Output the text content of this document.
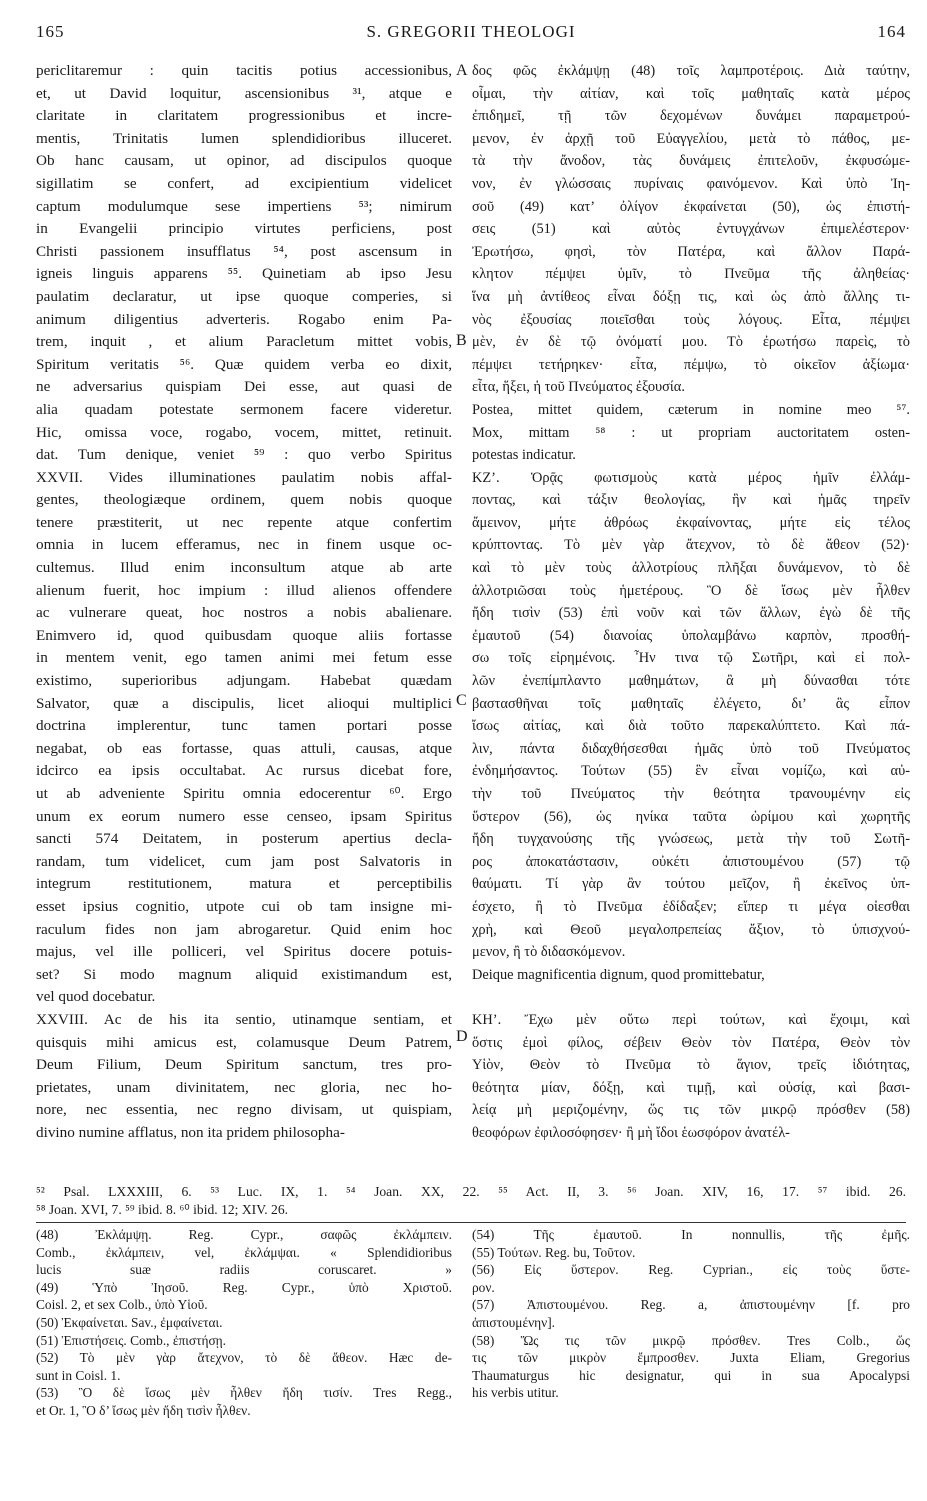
165	S. GREGORII THEOLOGI	164
periclitaremur : quin tacitis potius accessionibus,
et, ut David loquitur, ascensionibus ³¹, atque e
claritate in claritatem progressionibus et incre-
mentis, Trinitatis lumen splendidioribus illuceret.
Ob hanc causam, ut opinor, ad discipulos quoque
sigillatim se confert, ad excipientium videlicet
captum modulumque sese impertiens ⁵³; nimirum
in Evangelii principio virtutes perficiens, post
Christi passionem insufflatus ⁵⁴, post ascensum in
igneis linguis apparens ⁵⁵. Quinetiam ab ipso Jesu
paulatim declaratur, ut ipse quoque comperies, si
animum diligentius adverteris. Rogabo enim Pa-
trem, inquit , et alium Paracletum mittet vobis,
Spiritum veritatis ⁵⁶. Quæ quidem verba eo dixit,
ne adversarius quispiam Dei esse, aut quasi de
alia quadam potestate sermonem facere videretur.
Hic, omissa voce, rogabo, vocem, mittet, retinuit.
dat. Tum denique, veniet ⁵⁹ : quo verbo Spiritus
XXVII. Vides illuminationes paulatim nobis affal-
gentes, theologiæque ordinem, quem nobis quoque
tenere præstiterit, ut nec repente atque confertim
omnia in lucem efferamus, nec in finem usque oc-
cultemus. Illud enim inconsultum atque ab arte
alienum fuerit, hoc impium : illud alienos offendere
ac vulnerare queat, hoc nostros a nobis abalienare.
Enimvero id, quod quibusdam quoque aliis fortasse
in mentem venit, ego tamen animi mei fetum esse
existimo, superioribus adjungam. Habebat quædam
Salvator, quæ a discipulis, licet alioqui multiplici
doctrina implerentur, tunc tamen portari posse
negabat, ob eas fortasse, quas attuli, causas, atque
idcirco ea ipsis occultabat. Ac rursus dicebat fore,
ut ab adveniente Spiritu omnia edocerentur ⁶⁰. Ergo
unum ex eorum numero esse censeo, ipsam Spiritus
sancti 574 Deitatem, in posterum apertius decla-
randam, tum videlicet, cum jam post Salvatoris in
integrum restitutionem, matura et perceptibilis
esset ipsius cognitio, utpote cui ob tam insigne mi-
raculum fides non jam abrogaretur. Quid enim hoc
majus, vel ille polliceri, vel Spiritus docere potuis-
set? Si modo magnum aliquid existimandum est,
vel quod docebatur.
XXVIII. Ac de his ita sentio, utinamque sentiam, et
quisquis mihi amicus est, colamusque Deum Patrem,
Deum Filium, Deum Spiritum sanctum, tres pro-
prietates, unam divinitatem, nec gloria, nec ho-
nore, nec essentia, nec regno divisam, ut quispiam,
divino numine afflatus, non ita pridem philosopha-
δος φῶς ἐκλάμψῃ (48) τοῖς λαμπροτέροις. Διὰ ταύτην,
οἶμαι, τὴν αἰτίαν, καὶ τοῖς μαθηταῖς κατὰ μέρος
ἐπιδημεῖ, τῇ τῶν δεχομένων δυνάμει παραμετρού-
μενον, ἐν ἀρχῇ τοῦ Εὐαγγελίου, μετὰ τὸ πάθος, με-
τὰ τὴν ἄνοδον, τὰς δυνάμεις ἐπιτελοῦν, ἐκφυσώμε-
νον, ἐν γλώσσαις πυρίναις φαινόμενον. Καὶ ὑπὸ Ἰη-
σοῦ (49) κατ’ ὀλίγον ἐκφαίνεται (50), ὡς ἐπιστή-
σεις (51) καὶ αὐτὸς ἐντυγχάνων ἐπιμελέστερον·
Ἐρωτήσω, φησὶ, τὸν Πατέρα, καὶ ἄλλον Παρά-
κλητον πέμψει ὑμῖν, τὸ Πνεῦμα τῆς ἀληθείας·
ἵνα μὴ ἀντίθεος εἶναι δόξῃ τις, καὶ ὡς ἀπὸ ἄλλης τι-
νὸς ἐξουσίας ποιεῖσθαι τοὺς λόγους. Εἶτα, πέμψει
μὲν, ἐν δὲ τῷ ὀνόματί μου. Τὸ ἐρωτήσω παρεὶς, τὸ
πέμψει τετήρηκεν· εἶτα, πέμψω, τὸ οἰκεῖον ἀξίωμα·
εἶτα, ἥξει, ἡ τοῦ Πνεύματος ἐξουσία.
Postea, mittet quidem, cæterum in nomine meo ⁵⁷.
Mox, mittam ⁵⁸ : ut propriam auctoritatem osten-
potestas indicatur.
ΚΖ’. Ὁρᾷς φωτισμοὺς κατὰ μέρος ἡμῖν ἐλλάμ-
ποντας, καὶ τάξιν θεολογίας, ἣν καὶ ἡμᾶς τηρεῖν
ἄμεινον, μήτε ἀθρόως ἐκφαίνοντας, μήτε εἰς τέλος
κρύπτοντας. Τὸ μὲν γὰρ ἄτεχνον, τὸ δὲ ἄθεον (52)·
καὶ τὸ μὲν τοὺς ἀλλοτρίους πλῆξαι δυνάμενον, τὸ δὲ
ἀλλοτριῶσαι τοὺς ἡμετέρους. Ὃ δὲ ἴσως μὲν ἦλθεν
ἤδη τισὶν (53) ἐπὶ νοῦν καὶ τῶν ἄλλων, ἐγὼ δὲ τῆς
ἐμαυτοῦ (54) διανοίας ὑπολαμβάνω καρπὸν, προσθή-
σω τοῖς εἰρημένοις. Ἦν τινα τῷ Σωτῆρι, καὶ εἰ πολ-
λῶν ἐνεπίμπλαντο μαθημάτων, ἃ μὴ δύνασθαι τότε
βαστασθῆναι τοῖς μαθηταῖς ἐλέγετο, δι’ ἃς εἶπον
ἴσως αἰτίας, καὶ διὰ τοῦτο παρεκαλύπτετο. Καὶ πά-
λιν, πάντα διδαχθήσεσθαι ἡμᾶς ὑπὸ τοῦ Πνεύματος
ἐνδημήσαντος. Τούτων (55) ἓν εἶναι νομίζω, καὶ αὐ-
τὴν τοῦ Πνεύματος τὴν θεότητα τρανουμένην εἰς
ὕστερον (56), ὡς ηνίκα ταῦτα ὡρίμου καὶ χωρητῆς
ἤδη τυγχανούσης τῆς γνώσεως, μετὰ τὴν τοῦ Σωτῆ-
ρος ἀποκατάστασιν, οὐκέτι ἀπιστουμένου (57) τῷ
θαύματι. Τί γὰρ ἂν τούτου μεῖζον, ἢ ἐκεῖνος ὑπ-
έσχετο, ἢ τὸ Πνεῦμα ἐδίδαξεν; εἴπερ τι μέγα οἰεσθαι
χρὴ, καὶ Θεοῦ μεγαλοπρεπείας ἄξιον, τὸ ὑπισχνού-
μενον, ἢ τὸ διδασκόμενον.
Deique magnificentia dignum, quod promittebatur,
ΚΗ’. Ἔχω μὲν οὕτω περὶ τούτων, καὶ ἔχοιμι, καὶ
ὅστις ἐμοὶ φίλος, σέβειν Θεὸν τὸν Πατέρα, Θεὸν τὸν
Υἱὸν, Θεὸν τὸ Πνεῦμα τὸ ἅγιον, τρεῖς ἰδιότητας,
θεότητα μίαν, δόξῃ, καὶ τιμῇ, καὶ οὐσίᾳ, καὶ βασι-
λείᾳ μὴ μεριζομένην, ὥς τις τῶν μικρῷ πρόσθεν (58)
θεοφόρων ἐφιλοσόφησεν· ἢ μὴ ἴδοι ἑωσφόρον ἀνατέλ-
A
B
C
D
⁵² Psal. LXXXIII, 6. ⁵³ Luc. IX, 1. ⁵⁴ Joan. XX, 22. ⁵⁵ Act. II, 3. ⁵⁶ Joan. XIV, 16, 17. ⁵⁷ ibid. 26.
⁵⁸ Joan. XVI, 7. ⁵⁹ ibid. 8. ⁶⁰ ibid. 12; XIV. 26.
(48) Ἐκλάμψῃ. Reg. Cypr., σαφῶς ἐκλάμπειν.
Comb., ἐκλάμπειν, vel, ἐκλάμψαι. « Splendidioribus
lucis suæ radiis coruscaret. »
(49) Ὑπὸ Ἰησοῦ. Reg. Cypr., ὑπὸ Χριστοῦ.
Coisl. 2, et sex Colb., ὑπὸ Υἱοῦ.
(50) Ἐκφαίνεται. Sav., ἐμφαίνεται.
(51) Ἐπιστήσεις. Comb., ἐπιστήσῃ.
(52) Τὸ μὲν γὰρ ἄτεχνον, τὸ δὲ ἄθεον. Hæc de-
sunt in Coisl. 1.
(53) Ὃ δὲ ἴσως μὲν ἦλθεν ἤδη τισίν. Tres Regg.,
et Or. 1, Ὃ δ’ ἴσως μὲν ἤδη τισὶν ἦλθεν.
(54) Τῆς ἐμαυτοῦ. In nonnullis, τῆς ἐμῆς.
(55) Τούτων. Reg. bu, Τοῦτον.
(56) Εἰς ὕστερον. Reg. Cyprian., εἰς τοὺς ὕστε-
ρον.
(57) Ἀπιστουμένου. Reg. a, ἀπιστουμένην [f. pro
ἀπιστουμένην].
(58) Ὥς τις τῶν μικρῷ πρόσθεν. Tres Colb., ὥς
τις τῶν μικρὸν ἔμπροσθεν. Juxta Eliam, Gregorius
Thaumaturgus hic designatur, qui in sua Apocalypsi
his verbis utitur.
